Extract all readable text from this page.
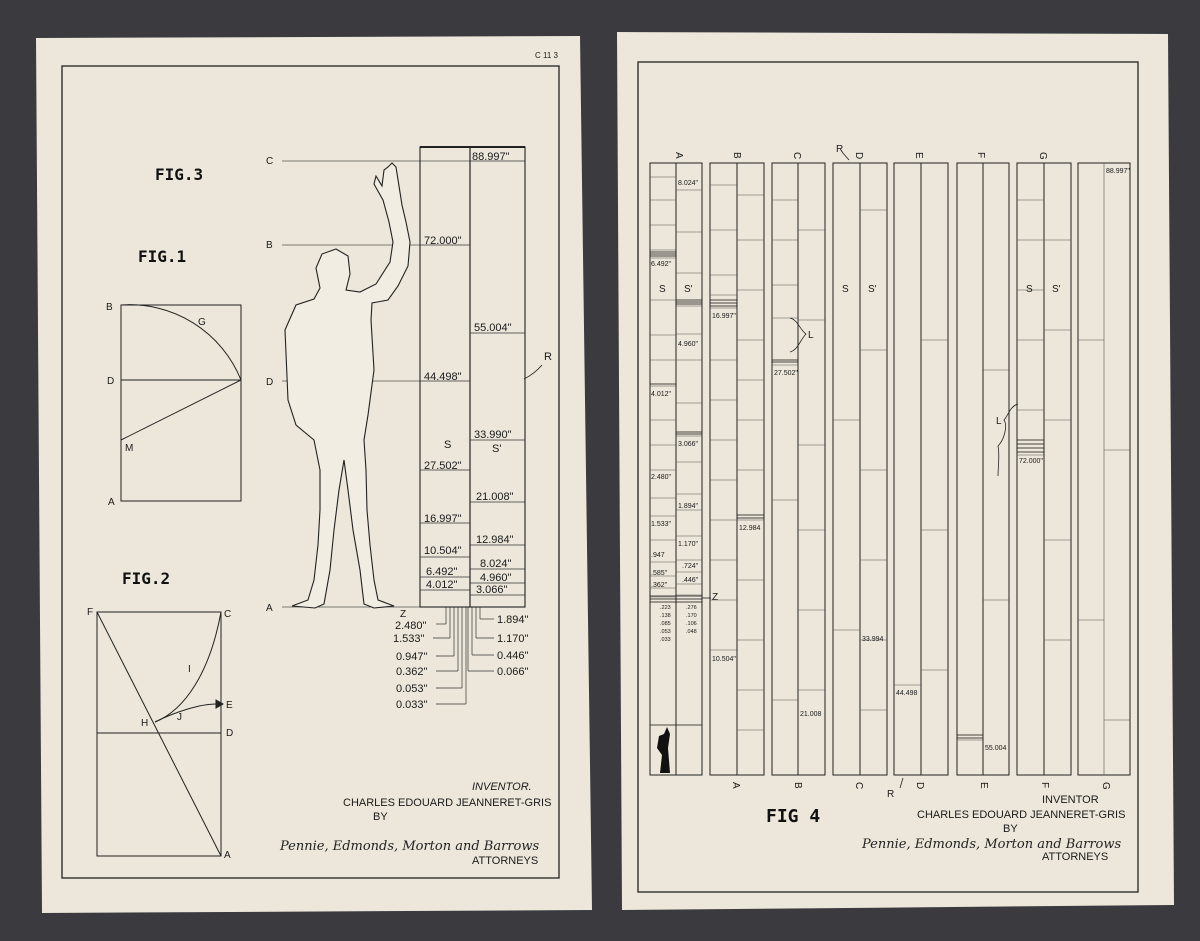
C 11 3
FIG.3
FIG.1
FIG.2
B
G
D
M
A
F	C
I
H
J
E
D
A
C
B
D
A
72.000"
44.498"
27.502"
16.997"
10.504"
6.492"
4.012"
88.997"
55.004"
33.990"
21.008"
12.984"
8.024"
4.960"
3.066"
S	S'
R
Z
2.480"
1.533"
0.947"
0.362"
0.053"
0.033"
1.894"
1.170"
0.446"
0.066"
INVENTOR.
CHARLES EDOUARD JEANNERET-GRIS
BY
Pennie, Edmonds, Morton and Barrows
ATTORNEYS
A	B	C	D	E	F	G
R
S S'	S S'	S S'
L
L
6.492"
4.012"
2.480"
1.533"
.947
.585"
.362"
8.024"
4.960"
3.066"
1.894"
1.170"
.724"
.446"
.223
.138
.085
.053
.033
.276
.170
.106
.048
Z
16.997"
12.984
10.504"
27.502"
21.008
33.994
44.498
55.004
72.000"
88.997"
A	B	C	D	E	F	G
R
FIG 4
INVENTOR
CHARLES EDOUARD JEANNERET-GRIS
BY
Pennie, Edmonds, Morton and Barrows
ATTORNEYS
